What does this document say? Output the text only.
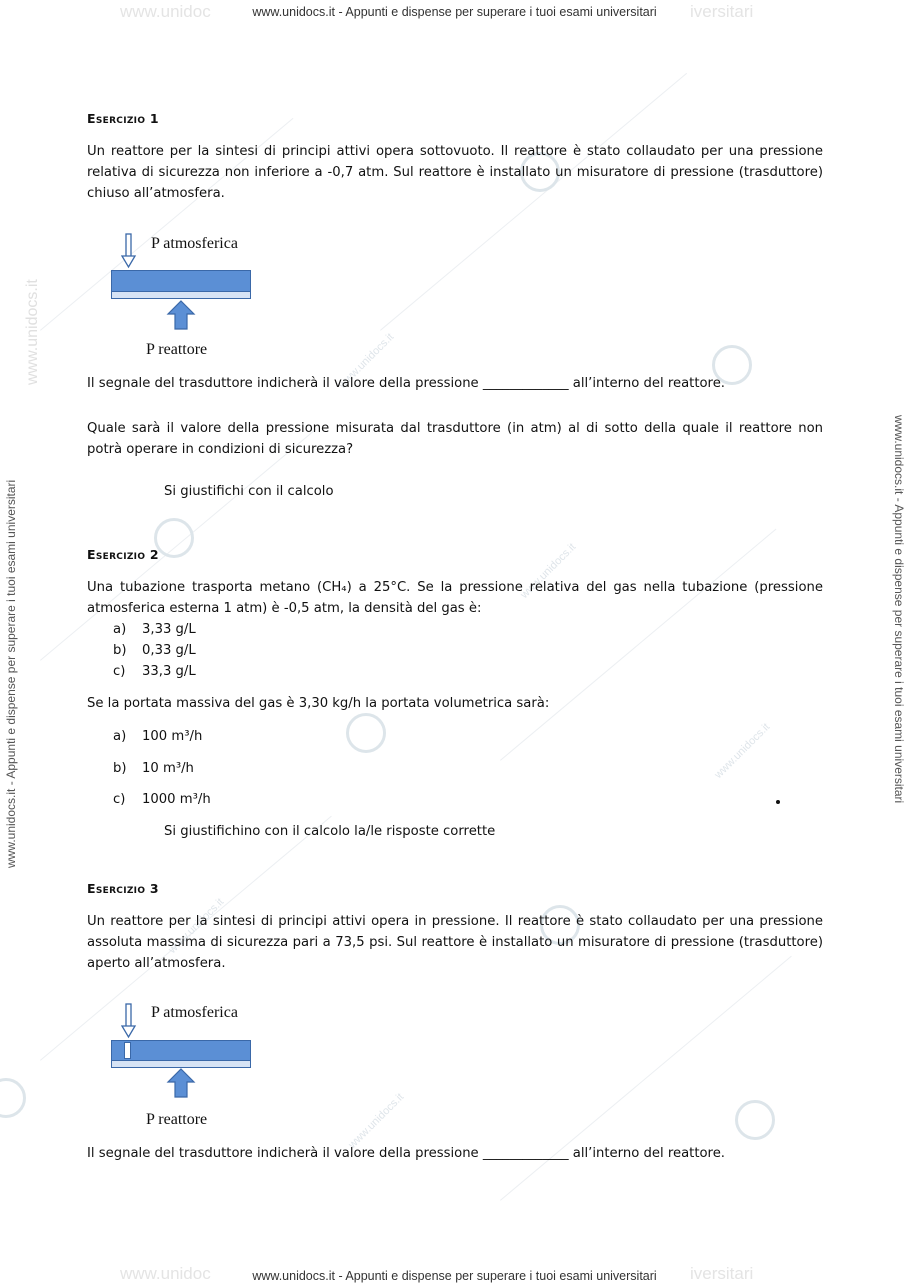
www.unidocs.it
www.unidocs.it
www.unidocs.it
www.unidocs.it
www.unidocs.it
www.unidoc	iversitari
www.unidocs.it - Appunti e dispense per superare i tuoi esami universitari
www.unidocs.it - Appunti e dispense per superare i tuoi esami universitari
www.unidocs.it
www.unidocs.it - Appunti e dispense per superare i tuoi esami universitari
Esercizio 1
Un reattore per la sintesi di principi attivi opera sottovuoto. Il reattore è stato collaudato per una pressione relativa di sicurezza non inferiore a -0,7 atm. Sul reattore è installato un misuratore di pressione (trasduttore) chiuso all’atmosfera.
P atmosferica
P reattore
Il segnale del trasduttore indicherà il valore della pressione _____________ all’interno del reattore.
Quale sarà il valore della pressione misurata dal trasduttore (in atm) al di sotto della quale il reattore non potrà operare in condizioni di sicurezza?
Si giustifichi con il calcolo
Esercizio 2
Una tubazione trasporta metano (CH₄) a 25°C. Se la pressione relativa del gas nella tubazione (pressione atmosferica esterna 1 atm) è -0,5 atm, la densità del gas è:
a) 3,33 g/L
b) 0,33 g/L
c) 33,3 g/L
Se la portata massiva del gas è 3,30 kg/h la portata volumetrica sarà:
a) 100 m³/h
b) 10 m³/h
c) 1000 m³/h
Si giustifichino con il calcolo la/le risposte corrette
Esercizio 3
Un reattore per la sintesi di principi attivi opera in pressione. Il reattore è stato collaudato per una pressione assoluta massima di sicurezza pari a 73,5 psi. Sul reattore è installato un misuratore di pressione (trasduttore) aperto all’atmosfera.
P atmosferica
P reattore
Il segnale del trasduttore indicherà il valore della pressione _____________ all’interno del reattore.
www.unidoc	iversitari
www.unidocs.it - Appunti e dispense per superare i tuoi esami universitari
